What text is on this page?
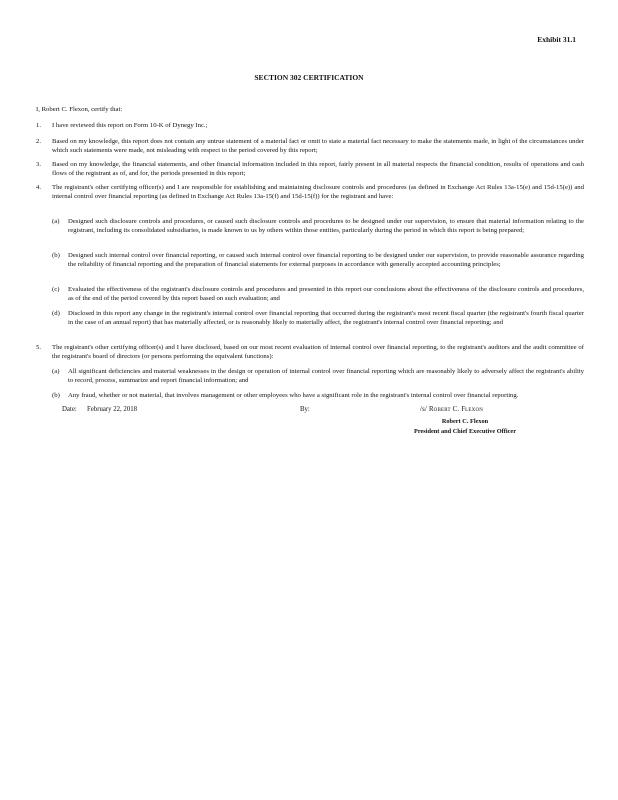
Exhibit 31.1
SECTION 302 CERTIFICATION
I, Robert C. Flexon, certify that:
1.	I have reviewed this report on Form 10-K of Dynegy Inc.;
2.	Based on my knowledge, this report does not contain any untrue statement of a material fact or omit to state a material fact necessary to make the statements made, in light of the circumstances under which such statements were made, not misleading with respect to the period covered by this report;
3.	Based on my knowledge, the financial statements, and other financial information included in this report, fairly present in all material respects the financial condition, results of operations and cash flows of the registrant as of, and for, the periods presented in this report;
4.	The registrant's other certifying officer(s) and I are responsible for establishing and maintaining disclosure controls and procedures (as defined in Exchange Act Rules 13a-15(e) and 15d-15(e)) and internal control over financial reporting (as defined in Exchange Act Rules 13a-15(f) and 15d-15(f)) for the registrant and have:
(a)	Designed such disclosure controls and procedures, or caused such disclosure controls and procedures to be designed under our supervision, to ensure that material information relating to the registrant, including its consolidated subsidiaries, is made known to us by others within those entities, particularly during the period in which this report is being prepared;
(b)	Designed such internal control over financial reporting, or caused such internal control over financial reporting to be designed under our supervision, to provide reasonable assurance regarding the reliability of financial reporting and the preparation of financial statements for external purposes in accordance with generally accepted accounting principles;
(c)	Evaluated the effectiveness of the registrant's disclosure controls and procedures and presented in this report our conclusions about the effectiveness of the disclosure controls and procedures, as of the end of the period covered by this report based on such evaluation; and
(d)	Disclosed in this report any change in the registrant's internal control over financial reporting that occurred during the registrant's most recent fiscal quarter (the registrant's fourth fiscal quarter in the case of an annual report) that has materially affected, or is reasonably likely to materially affect, the registrant's internal control over financial reporting; and
5.	The registrant's other certifying officer(s) and I have disclosed, based on our most recent evaluation of internal control over financial reporting, to the registrant's auditors and the audit committee of the registrant's board of directors (or persons performing the equivalent functions):
(a)	All significant deficiencies and material weaknesses in the design or operation of internal control over financial reporting which are reasonably likely to adversely affect the registrant's ability to record, process, summarize and report financial information; and
(b)	Any fraud, whether or not material, that involves management or other employees who have a significant role in the registrant's internal control over financial reporting.
Date: February 22, 2018	By:	/s/ Robert C. Flexon
Robert C. Flexon
President and Chief Executive Officer
